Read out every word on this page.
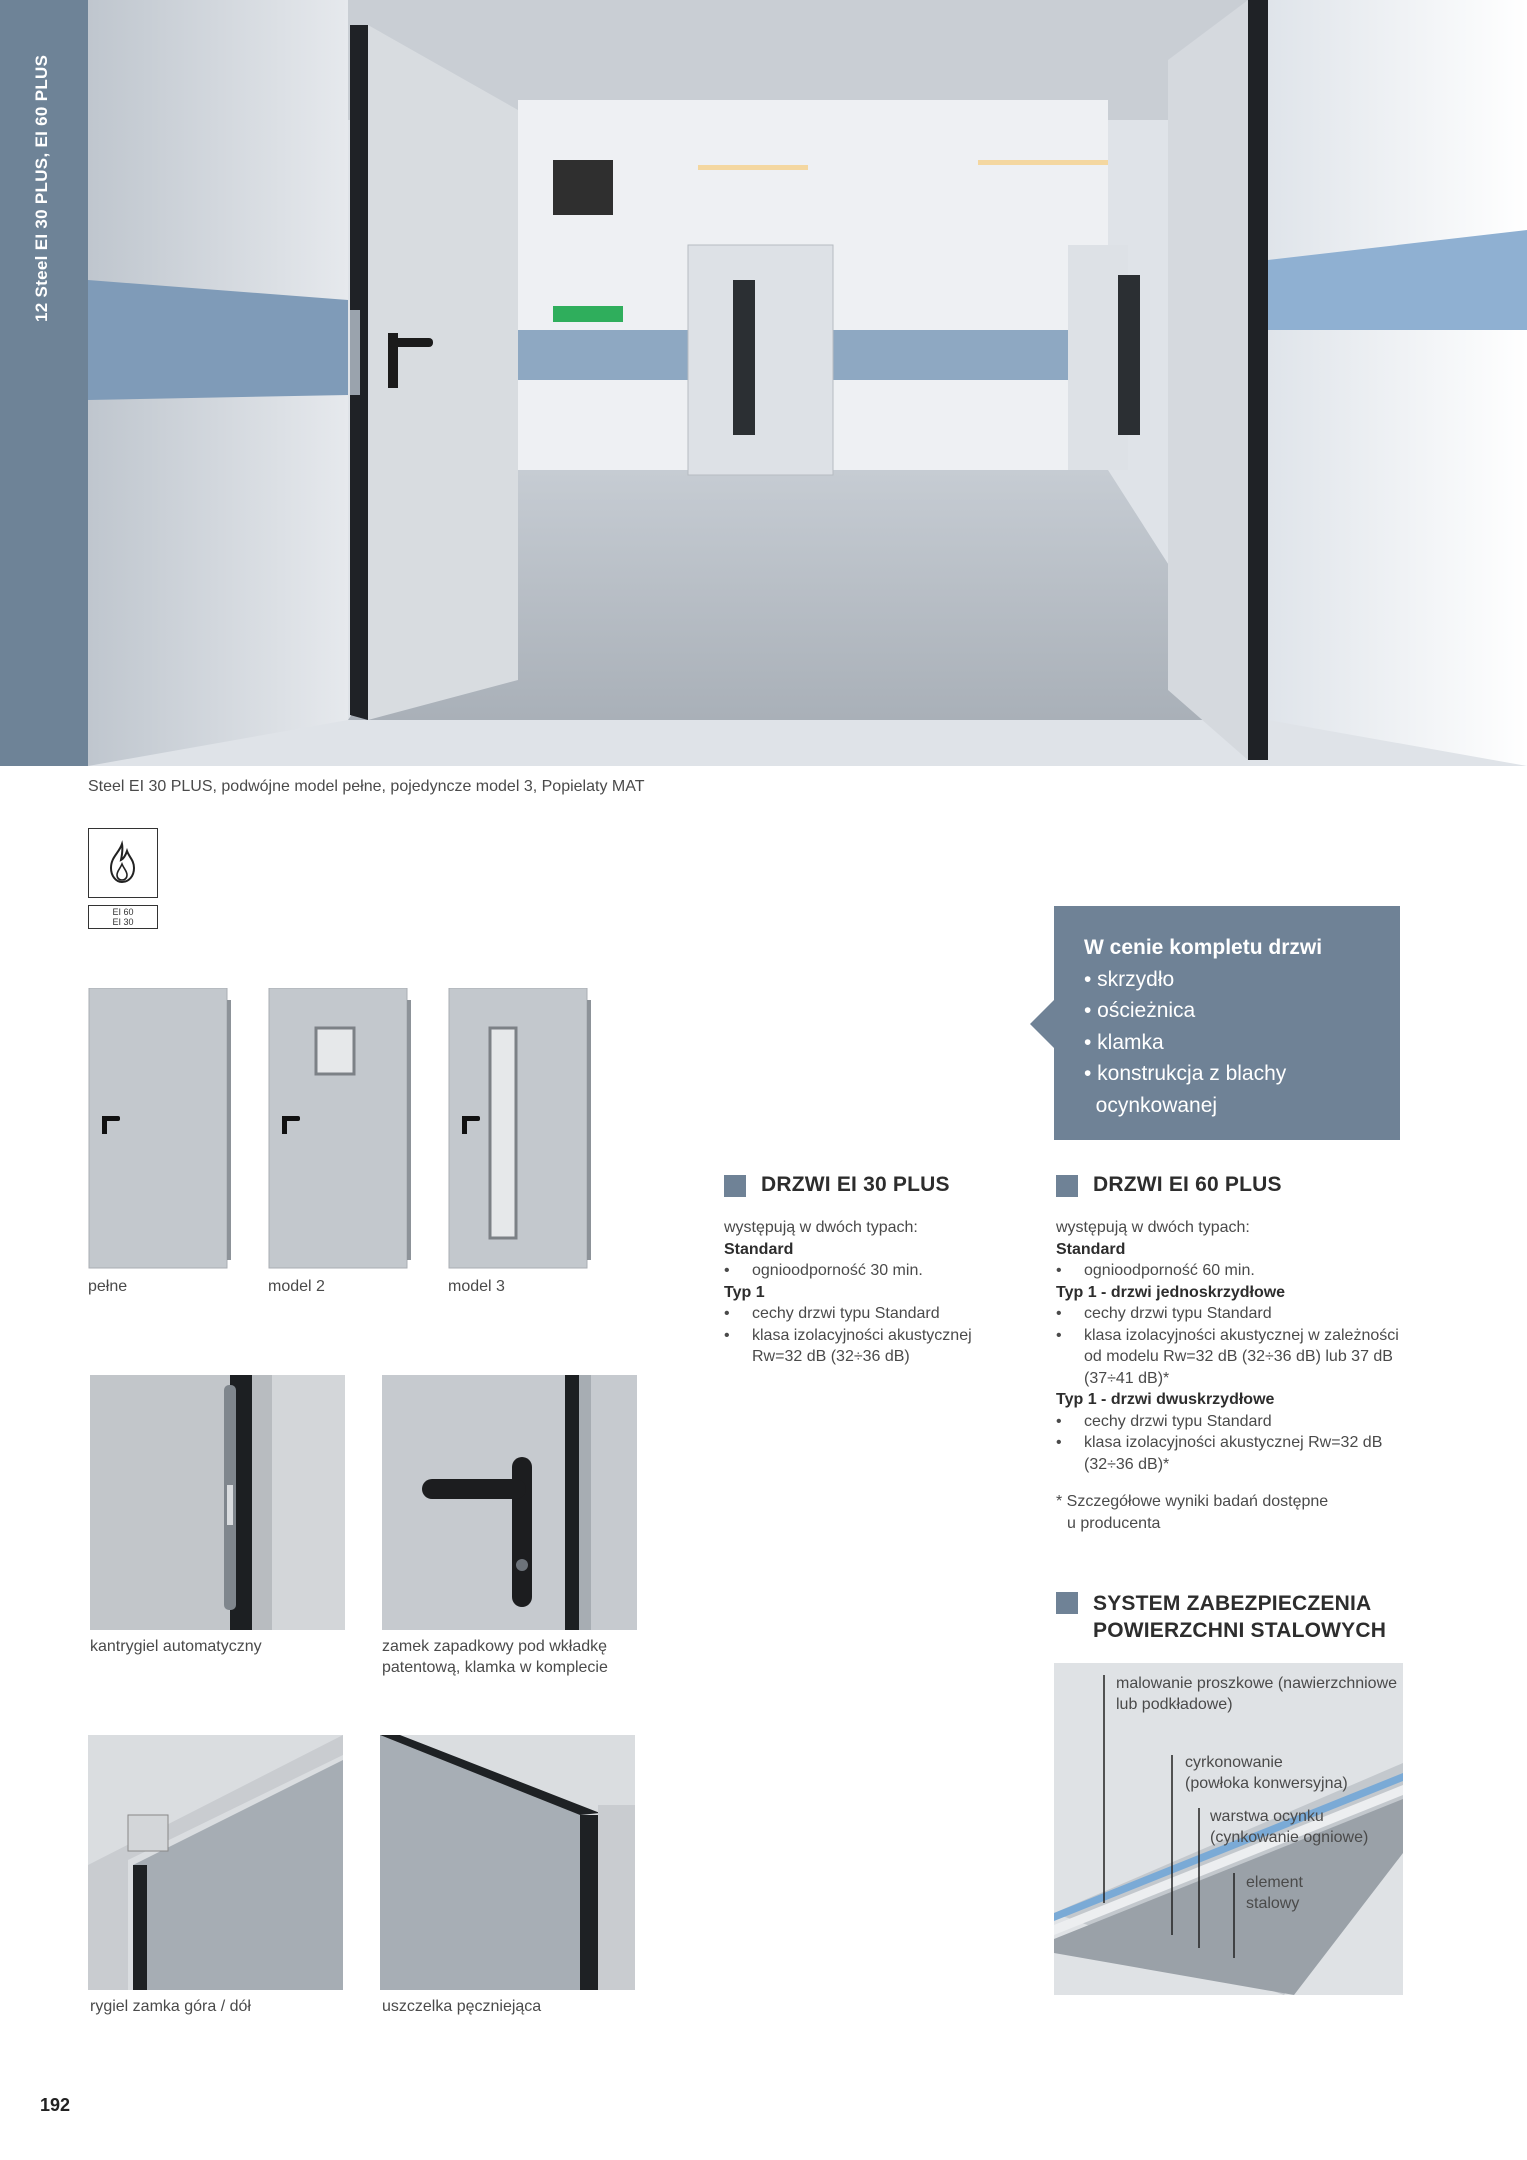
12 Steel EI 30 PLUS, EI 60 PLUS
Steel EI 30 PLUS, podwójne model pełne, pojedyncze model 3, Popielaty MAT
EI 60
EI 30
pełne	model 2	model 3
kantrygiel automatyczny	zamek zapadkowy pod wkładkę
patentową, klamka w komplecie
rygiel zamka góra / dół	uszczelka pęczniejąca
W cenie kompletu drzwi
• skrzydło
• ościeżnica
• klamka
• konstrukcja z blachy
ocynkowanej
DRZWI EI 30 PLUS
występują w dwóch typach:
Standard
• ognioodporność 30 min.
Typ 1
• cechy drzwi typu Standard
• klasa izolacyjności akustycznej
Rw=32 dB (32÷36 dB)
DRZWI EI 60 PLUS
występują w dwóch typach:
Standard
• ognioodporność 60 min.
Typ 1 - drzwi jednoskrzydłowe
• cechy drzwi typu Standard
• klasa izolacyjności akustycznej w zależności
od modelu Rw=32 dB (32÷36 dB) lub 37 dB
(37÷41 dB)*
Typ 1 - drzwi dwuskrzydłowe
• cechy drzwi typu Standard
• klasa izolacyjności akustycznej Rw=32 dB
(32÷36 dB)*
* Szczegółowe wyniki badań dostępne
u producenta
SYSTEM ZABEZPIECZENIA
POWIERZCHNI STALOWYCH
malowanie proszkowe (nawierzchniowe
lub podkładowe)
cyrkonowanie
(powłoka konwersyjna)
warstwa ocynku
(cynkowanie ogniowe)
element
stalowy
192
